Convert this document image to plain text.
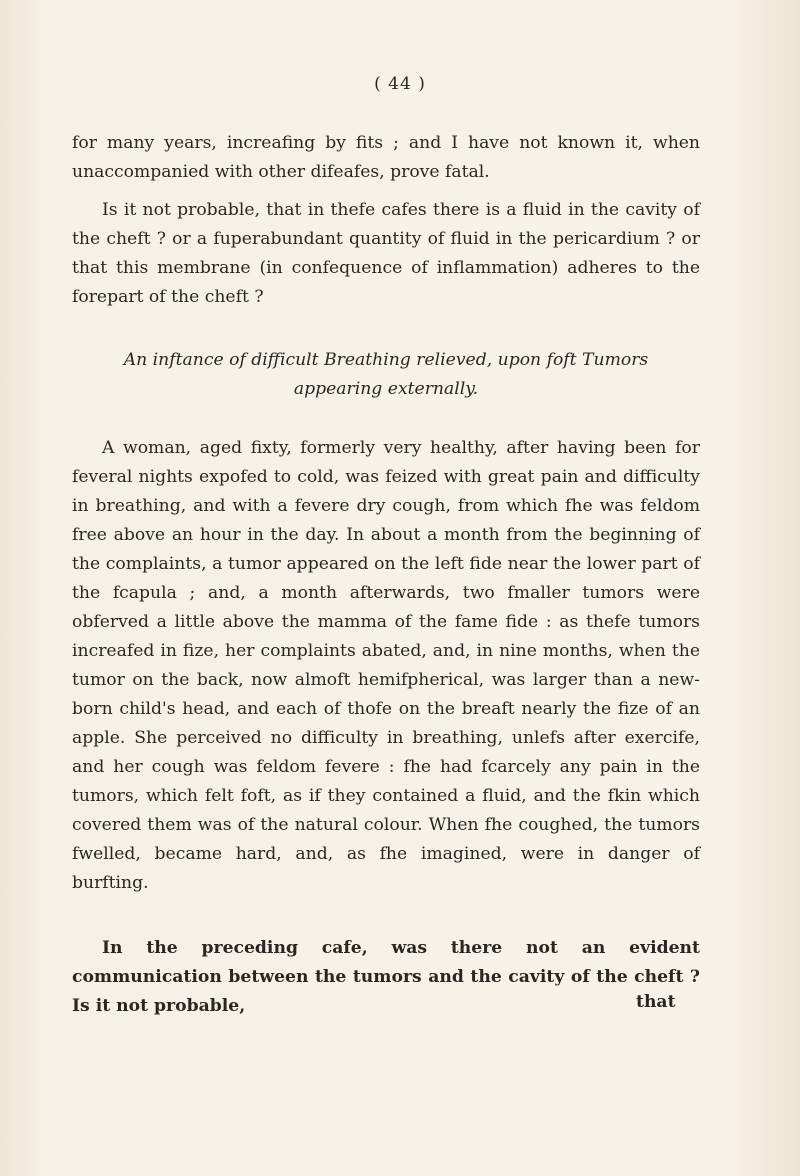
( 44 )

for many years, increafing by fits ; and I have not known it, when unaccompanied with other difeafes, prove fatal.

Is it not probable, that in thefe cafes there is a fluid in the cavity of the cheft ? or a fuperabundant quantity of fluid in the pericardium ? or that this membrane (in confequence of inflammation) adheres to the forepart of the cheft ?

An inftance of difficult Breathing relieved, upon foft Tumors
appearing externally.

A woman, aged fixty, formerly very healthy, after having been for feveral nights expofed to cold, was feized with great pain and difficulty in breathing, and with a fevere dry cough, from which fhe was feldom free above an hour in the day. In about a month from the beginning of the complaints, a tumor appeared on the left fide near the lower part of the fcapula ; and, a month afterwards, two fmaller tumors were obferved a little above the mamma of the fame fide : as thefe tumors increafed in fize, her complaints abated, and, in nine months, when the tumor on the back, now almoft hemifpherical, was larger than a new-born child's head, and each of thofe on the breaft nearly the fize of an apple. She perceived no difficulty in breathing, unlefs after exercife, and her cough was feldom fevere : fhe had fcarcely any pain in the tumors, which felt foft, as if they contained a fluid, and the fkin which covered them was of the natural colour. When fhe coughed, the tumors fwelled, became hard, and, as fhe imagined, were in danger of burfting.

In the preceding cafe, was there not an evident communication between the tumors and the cavity of the cheft ? Is it not probable,	that
